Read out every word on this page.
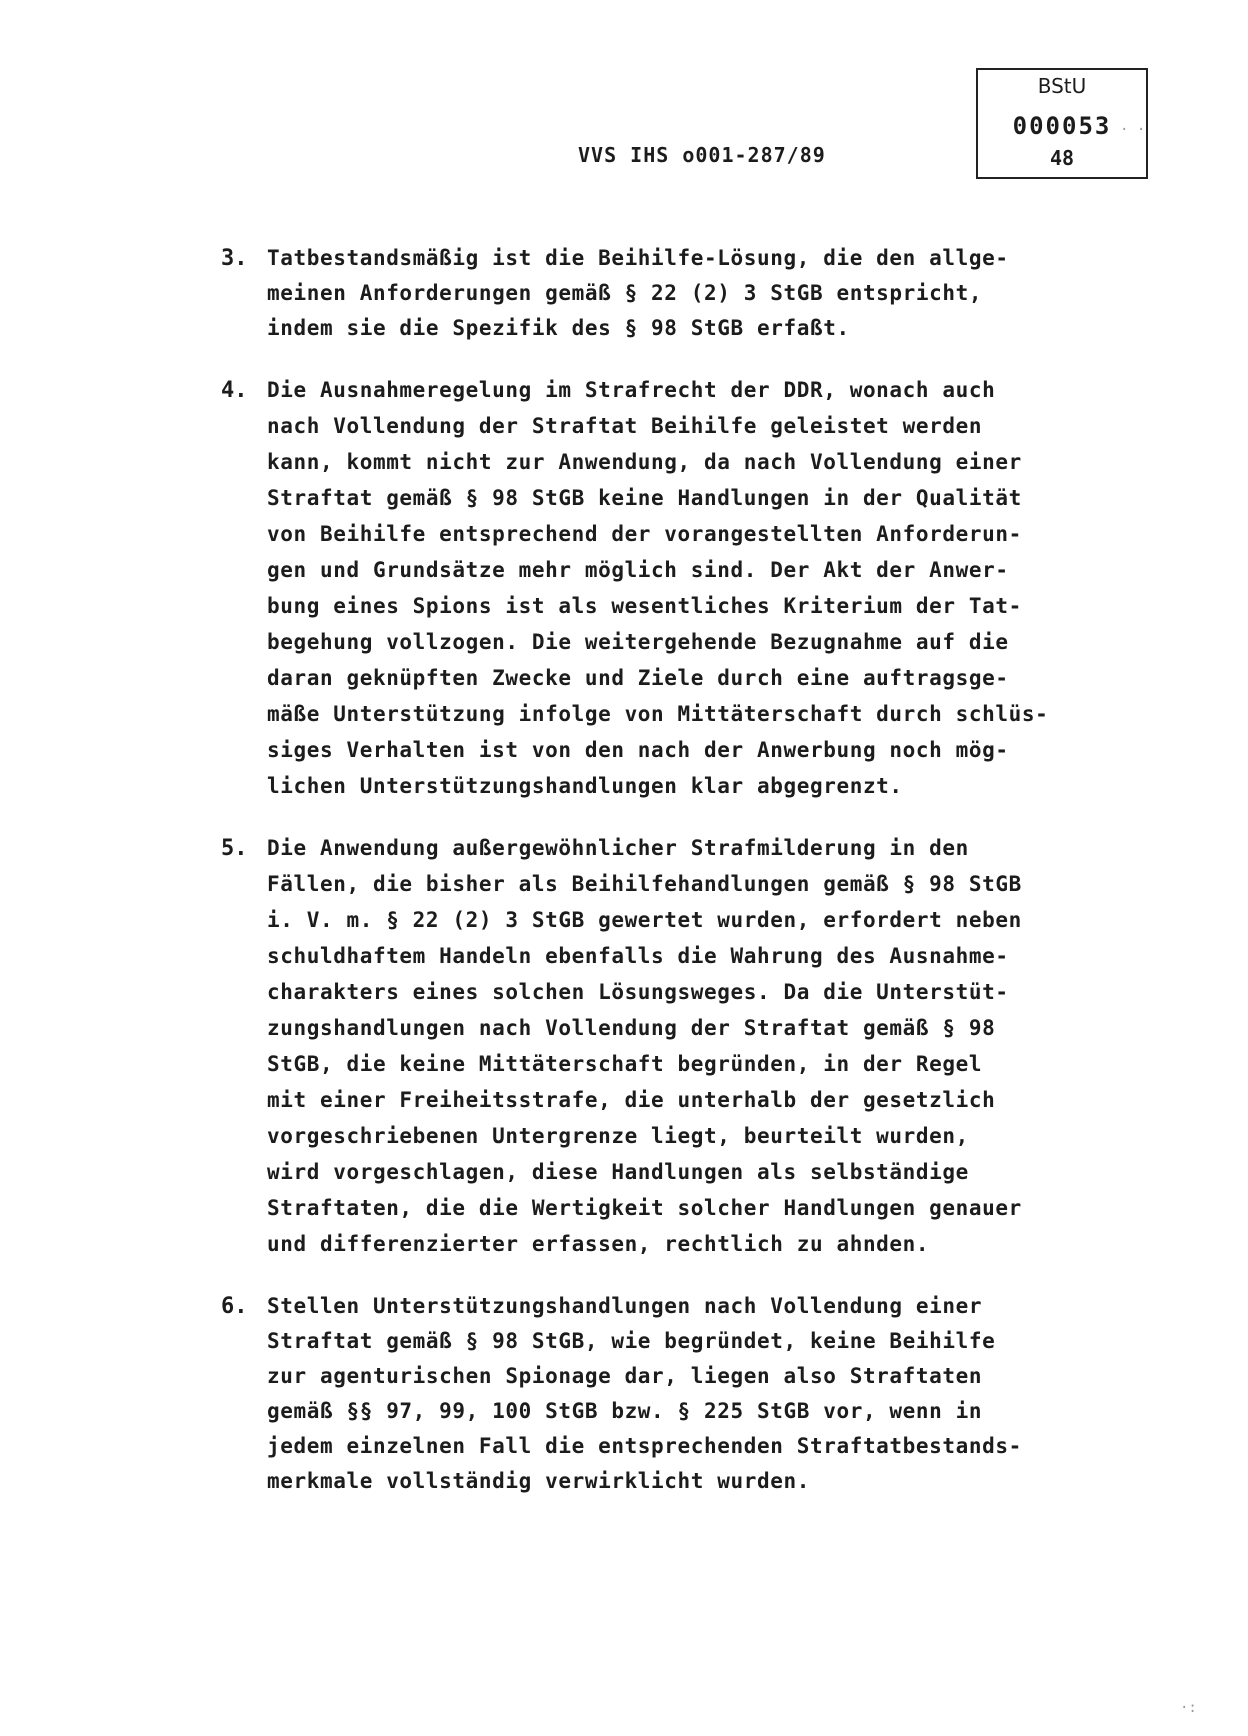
VVS IHS o001-287/89
BStU
000053
48
· ·
3. Tatbestandsmäßig ist die Beihilfe-Lösung, die den allge-
meinen Anforderungen gemäß § 22 (2) 3 StGB entspricht,
indem sie die Spezifik des § 98 StGB erfaßt.
4. Die Ausnahmeregelung im Strafrecht der DDR, wonach auch
nach Vollendung der Straftat Beihilfe geleistet werden
kann, kommt nicht zur Anwendung, da nach Vollendung einer
Straftat gemäß § 98 StGB keine Handlungen in der Qualität
von Beihilfe entsprechend der vorangestellten Anforderun-
gen und Grundsätze mehr möglich sind. Der Akt der Anwer-
bung eines Spions ist als wesentliches Kriterium der Tat-
begehung vollzogen. Die weitergehende Bezugnahme auf die
daran geknüpften Zwecke und Ziele durch eine auftragsge-
mäße Unterstützung infolge von Mittäterschaft durch schlüs-
siges Verhalten ist von den nach der Anwerbung noch mög-
lichen Unterstützungshandlungen klar abgegrenzt.
5. Die Anwendung außergewöhnlicher Strafmilderung in den
Fällen, die bisher als Beihilfehandlungen gemäß § 98 StGB
i. V. m. § 22 (2) 3 StGB gewertet wurden, erfordert neben
schuldhaftem Handeln ebenfalls die Wahrung des Ausnahme-
charakters eines solchen Lösungsweges. Da die Unterstüt-
zungshandlungen nach Vollendung der Straftat gemäß § 98
StGB, die keine Mittäterschaft begründen, in der Regel
mit einer Freiheitsstrafe, die unterhalb der gesetzlich
vorgeschriebenen Untergrenze liegt, beurteilt wurden,
wird vorgeschlagen, diese Handlungen als selbständige
Straftaten, die die Wertigkeit solcher Handlungen genauer
und differenzierter erfassen, rechtlich zu ahnden.
6. Stellen Unterstützungshandlungen nach Vollendung einer
Straftat gemäß § 98 StGB, wie begründet, keine Beihilfe
zur agenturischen Spionage dar, liegen also Straftaten
gemäß §§ 97, 99, 100 StGB bzw. § 225 StGB vor, wenn in
jedem einzelnen Fall die entsprechenden Straftatbestands-
merkmale vollständig verwirklicht wurden.
·:
